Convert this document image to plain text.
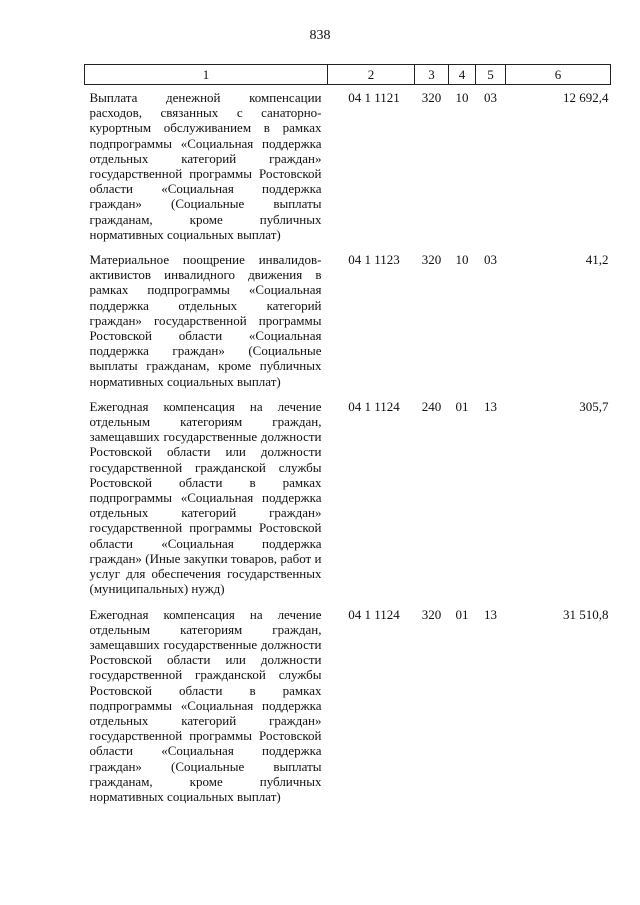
838
1	2	3	4	5	6
Выплата денежной компенсации расходов, связанных с санаторно-курортным обслуживанием в рамках подпрограммы «Социальная поддержка отдельных категорий граждан» государственной программы Ростовской области «Социальная поддержка граждан» (Социальные выплаты гражданам, кроме публичных нормативных социальных выплат)	04 1 1121	320	10	03	12 692,4
Материальное поощрение инвалидов-активистов инвалидного движения в рамках подпрограммы «Социальная поддержка отдельных категорий граждан» государственной программы Ростовской области «Социальная поддержка граждан» (Социальные выплаты гражданам, кроме публичных нормативных социальных выплат)	04 1 1123	320	10	03	41,2
Ежегодная компенсация на лечение отдельным категориям граждан, замещавших государственные должности Ростовской области или должности государственной гражданской службы Ростовской области в рамках подпрограммы «Социальная поддержка отдельных категорий граждан» государственной программы Ростовской области «Социальная поддержка граждан» (Иные закупки товаров, работ и услуг для обеспечения государственных (муниципальных) нужд)	04 1 1124	240	01	13	305,7
Ежегодная компенсация на лечение отдельным категориям граждан, замещавших государственные должности Ростовской области или должности государственной гражданской службы Ростовской области в рамках подпрограммы «Социальная поддержка отдельных категорий граждан» государственной программы Ростовской области «Социальная поддержка граждан» (Социальные выплаты гражданам, кроме публичных нормативных социальных выплат)	04 1 1124	320	01	13	31 510,8
